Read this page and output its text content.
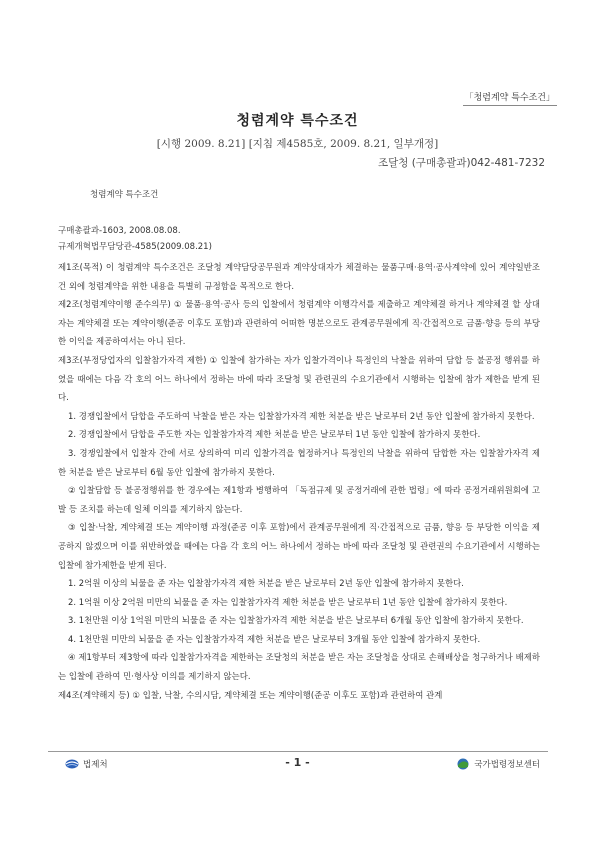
「청렴계약 특수조건」
청렴계약 특수조건
[시행 2009. 8.21] [지침 제4585호, 2009. 8.21, 일부개정]
조달청 (구매총괄과)042-481-7232
청렴계약 특수조건
구매총괄과-1603, 2008.08.08.
규제개혁법무담당관-4585(2009.08.21)

제1조(목적) 이 청렴계약 특수조건은 조달청 계약담당공무원과 계약상대자가 체결하는 물품구매·용역·공사계약에 있어 계약일반조건 외에 청렴계약을 위한 내용을 특별히 규정함을 목적으로 한다.

제2조(청렴계약이행 준수의무) ① 물품·용역·공사 등의 입찰에서 청렴계약 이행각서를 제출하고 계약체결 하거나 계약체결 할 상대자는 계약체결 또는 계약이행(준공 이후도 포함)과 관련하여 어떠한 명분으로도 관계공무원에게 직·간접적으로 금품·향응 등의 부당한 이익을 제공하여서는 아니 된다.

제3조(부정당업자의 입찰참가자격 제한) ① 입찰에 참가하는 자가 입찰가격이나 특정인의 낙찰을 위하여 담합 등 불공정 행위를 하였을 때에는 다음 각 호의 어느 하나에서 정하는 바에 따라 조달청 및 관련권의 수요기관에서 시행하는 입찰에 참가 제한을 받게 된다.

1. 경쟁입찰에서 담합을 주도하여 낙찰을 받은 자는 입찰참가자격 제한 처분을 받은 날로부터 2년 동안 입찰에 참가하지 못한다.

2. 경쟁입찰에서 담합을 주도한 자는 입찰참가자격 제한 처분을 받은 날로부터 1년 동안 입찰에 참가하지 못한다.

3. 경쟁입찰에서 입찰자 간에 서로 상의하여 미리 입찰가격을 협정하거나 특정인의 낙찰을 위하여 담합한 자는 입찰참가자격 제한 처분을 받은 날로부터 6월 동안 입찰에 참가하지 못한다.

② 입찰담합 등 불공정행위를 한 경우에는 제1항과 병행하여 「독점규제 및 공정거래에 관한 법령」에 따라 공정거래위원회에 고발 등 조치를 하는데 일체 이의를 제기하지 않는다.

③ 입찰·낙찰, 계약체결 또는 계약이행 과정(준공 이후 포함)에서 관계공무원에게 직·간접적으로 금품, 향응 등 부당한 이익을 제공하지 않겠으며 이를 위반하였을 때에는 다음 각 호의 어느 하나에서 정하는 바에 따라 조달청 및 관련권의 수요기관에서 시행하는 입찰에 참가제한을 받게 된다.

1. 2억원 이상의 뇌물을 준 자는 입찰참가자격 제한 처분을 받은 날로부터 2년 동안 입찰에 참가하지 못한다.

2. 1억원 이상 2억원 미만의 뇌물을 준 자는 입찰참가자격 제한 처분을 받은 날로부터 1년 동안 입찰에 참가하지 못한다.

3. 1천만원 이상 1억원 미만의 뇌물을 준 자는 입찰참가자격 제한 처분을 받은 날로부터 6개월 동안 입찰에 참가하지 못한다.

4. 1천만원 미만의 뇌물을 준 자는 입찰참가자격 제한 처분을 받은 날로부터 3개월 동안 입찰에 참가하지 못한다.

④ 제1항부터 제3항에 따라 입찰참가자격을 제한하는 조달청의 처분을 받은 자는 조달청을 상대로 손해배상을 청구하거나 배제하는 입찰에 관하여 민·형사상 이의를 제기하지 않는다.

제4조(계약해지 등) ① 입찰, 낙찰, 수의시담, 계약체결 또는 계약이행(준공 이후도 포함)과 관련하여 관계

법제처	- 1 -	국가법령정보센터
